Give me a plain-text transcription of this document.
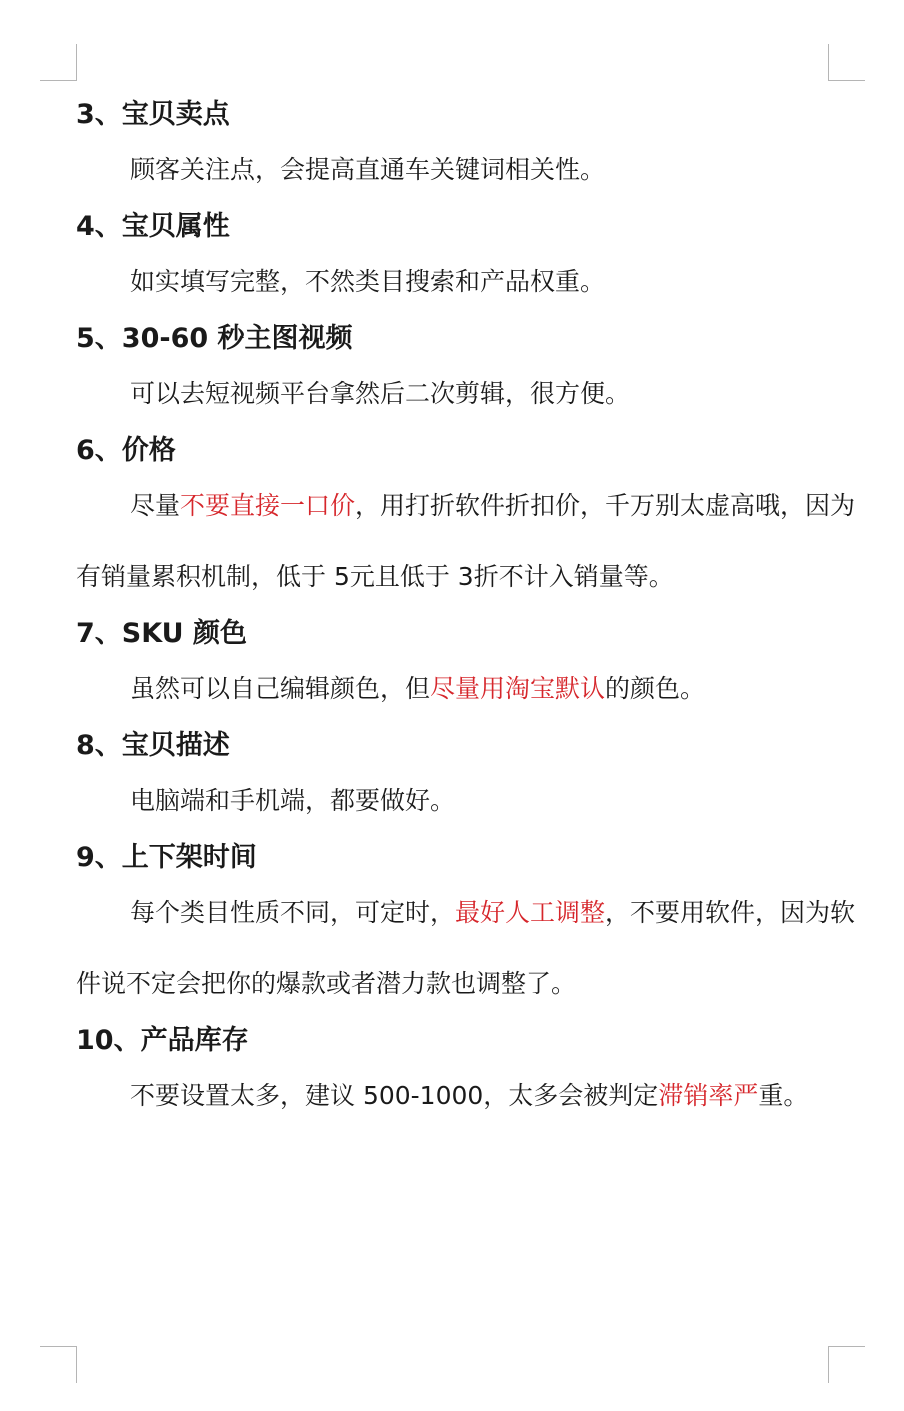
3、宝贝卖点

顾客关注点，会提高直通车关键词相关性。

4、宝贝属性

如实填写完整，不然类目搜索和产品权重。

5、30-60 秒主图视频

可以去短视频平台拿然后二次剪辑，很方便。

6、价格

尽量不要直接一口价，用打折软件折扣价，千万别太虚高哦，因为有销量累积机制，低于 5元且低于 3折不计入销量等。

7、SKU 颜色

虽然可以自己编辑颜色，但尽量用淘宝默认的颜色。

8、宝贝描述

电脑端和手机端，都要做好。

9、上下架时间

每个类目性质不同，可定时，最好人工调整，不要用软件，因为软件说不定会把你的爆款或者潜力款也调整了。

10、产品库存

不要设置太多，建议 500-1000，太多会被判定滞销率严重。
